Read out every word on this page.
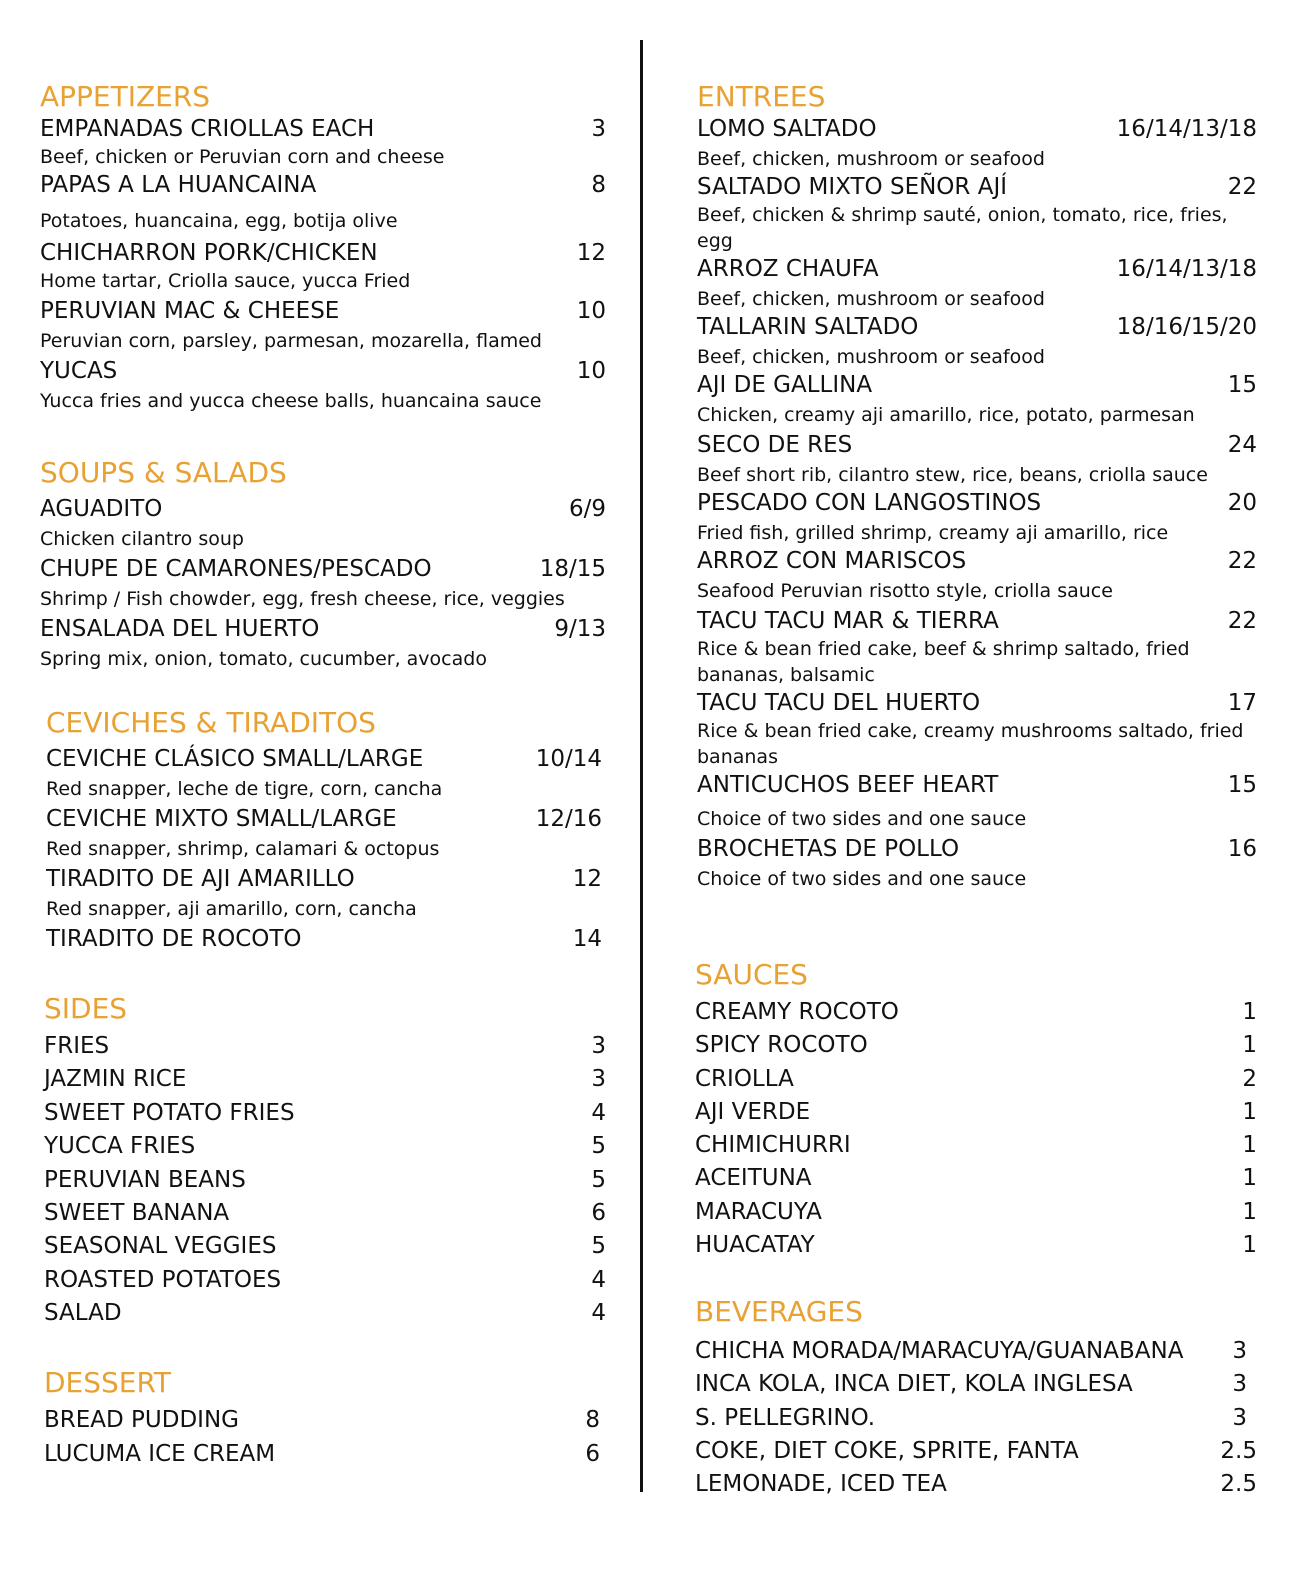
APPETIZERS
EMPANADAS CRIOLLAS EACH	3
Beef, chicken or Peruvian corn and cheese
PAPAS A LA HUANCAINA	8
Potatoes, huancaina, egg, botija olive
CHICHARRON PORK/CHICKEN	12
Home tartar, Criolla sauce, yucca Fried
PERUVIAN MAC & CHEESE	10
Peruvian corn, parsley, parmesan, mozarella, flamed
YUCAS	10
Yucca fries and yucca cheese balls, huancaina sauce
SOUPS & SALADS
AGUADITO	6/9
Chicken cilantro soup
CHUPE DE CAMARONES/PESCADO	18/15
Shrimp / Fish chowder, egg, fresh cheese, rice, veggies
ENSALADA DEL HUERTO	9/13
Spring mix, onion, tomato, cucumber, avocado
CEVICHES & TIRADITOS
CEVICHE CLÁSICO SMALL/LARGE	10/14
Red snapper, leche de tigre, corn, cancha
CEVICHE MIXTO SMALL/LARGE	12/16
Red snapper, shrimp, calamari & octopus
TIRADITO DE AJI AMARILLO	12
Red snapper, aji amarillo, corn, cancha
TIRADITO DE ROCOTO	14
SIDES
FRIES	3
JAZMIN RICE	3
SWEET POTATO FRIES	4
YUCCA FRIES	5
PERUVIAN BEANS	5
SWEET BANANA	6
SEASONAL VEGGIES	5
ROASTED POTATOES	4
SALAD	4
DESSERT
BREAD PUDDING	8
LUCUMA ICE CREAM	6
ENTREES
LOMO SALTADO	16/14/13/18
Beef, chicken, mushroom or seafood
SALTADO MIXTO SEÑOR AJÍ	22
Beef, chicken & shrimp sauté, onion, tomato, rice, fries, egg
ARROZ CHAUFA	16/14/13/18
Beef, chicken, mushroom or seafood
TALLARIN SALTADO	18/16/15/20
Beef, chicken, mushroom or seafood
AJI DE GALLINA	15
Chicken, creamy aji amarillo, rice, potato, parmesan
SECO DE RES	24
Beef short rib, cilantro stew, rice, beans, criolla sauce
PESCADO CON LANGOSTINOS	20
Fried fish, grilled shrimp, creamy aji amarillo, rice
ARROZ CON MARISCOS	22
Seafood Peruvian risotto style, criolla sauce
TACU TACU MAR & TIERRA	22
Rice & bean fried cake, beef & shrimp saltado, fried bananas, balsamic
TACU TACU DEL HUERTO	17
Rice & bean fried cake, creamy mushrooms saltado, fried bananas
ANTICUCHOS BEEF HEART	15
Choice of two sides and one sauce
BROCHETAS DE POLLO	16
Choice of two sides and one sauce
SAUCES
CREAMY ROCOTO	1
SPICY ROCOTO	1
CRIOLLA	2
AJI VERDE	1
CHIMICHURRI	1
ACEITUNA	1
MARACUYA	1
HUACATAY	1
BEVERAGES
CHICHA MORADA/MARACUYA/GUANABANA 3
INCA KOLA, INCA DIET, KOLA INGLESA	3
S. PELLEGRINO.	3
COKE, DIET COKE, SPRITE, FANTA	2.5
LEMONADE, ICED TEA	2.5
